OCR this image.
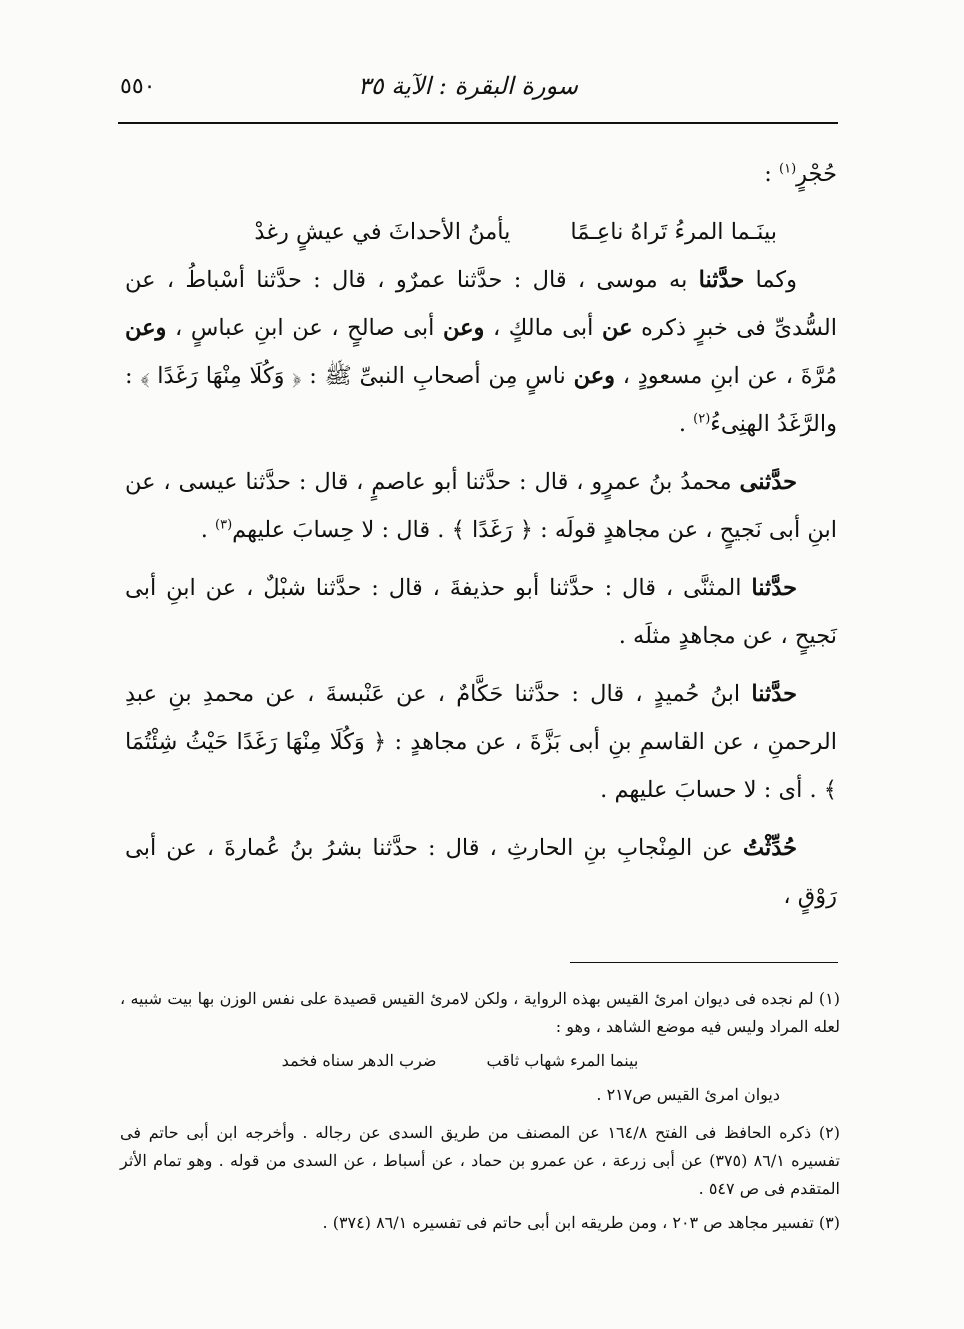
سورة البقرة : الآية ٣٥
٥٥٠

حُجْرٍ$^{(١)}$ :

بينَـما المرءُ تَراهُ ناعِـمًا
يأمنُ الأحداثَ في عيشٍ رغدْ

وكما حدَّثنا به موسى ، قال : حدَّثنا عمرٌو ، قال : حدَّثنا أسْباطُ ، عن السُّدىِّ فى خبرٍ ذكره عن أبى مالكٍ ، وعن أبى صالحٍ ، عن ابنِ عباسٍ ، وعن مُرَّةَ ، عن ابنِ مسعودٍ ، وعن ناسٍ مِن أصحابِ النبىِّ ﷺ : ﴿ وَكُلَا مِنْهَا رَغَدًا ﴾ : والرَّغَدُ الهنِىءُ$^{(٢)}$ .

حدَّثنى محمدُ بنُ عمرٍو ، قال : حدَّثنا أبو عاصمٍ ، قال : حدَّثنا عيسى ، عن ابنِ أبى نَجيحٍ ، عن مجاهدٍ قولَه : ﴿ رَغَدًا ﴾ . قال : لا حِسابَ عليهم$^{(٣)}$ .

حدَّثنا المثنَّى ، قال : حدَّثنا أبو حذيفةَ ، قال : حدَّثنا شبْلٌ ، عن ابنِ أبى نَجيحٍ ، عن مجاهدٍ مثلَه .

حدَّثنا ابنُ حُميدٍ ، قال : حدَّثنا حَكَّامٌ ، عن عَنْبسةَ ، عن محمدِ بنِ عبدِ الرحمنِ ، عن القاسمِ بنِ أبى بَزَّةَ ، عن مجاهدٍ : ﴿ وَكُلَا مِنْهَا رَغَدًا حَيْثُ شِئْتُمَا ﴾ . أى : لا حسابَ عليهم .

حُدِّثْتُ عن المِنْجابِ بنِ الحارثِ ، قال : حدَّثنا بشرُ بنُ عُمارةَ ، عن أبى رَوْقٍ ،

(١) لم نجده فى ديوان امرئ القيس بهذه الرواية ، ولكن لامرئ القيس قصيدة على نفس الوزن بها بيت شبيه ، لعله المراد وليس فيه موضع الشاهد ، وهو :

بينما المرء شهاب ثاقب
ضرب الدهر سناه فخمد

ديوان امرئ القيس ص٢١٧ .

(٢) ذكره الحافظ فى الفتح ١٦٤/٨ عن المصنف من طريق السدى عن رجاله . وأخرجه ابن أبى حاتم فى تفسيره ٨٦/١ (٣٧٥) عن أبى زرعة ، عن عمرو بن حماد ، عن أسباط ، عن السدى من قوله . وهو تمام الأثر المتقدم فى ص ٥٤٧ .

(٣) تفسير مجاهد ص ٢٠٣ ، ومن طريقه ابن أبى حاتم فى تفسيره ٨٦/١ (٣٧٤) .
